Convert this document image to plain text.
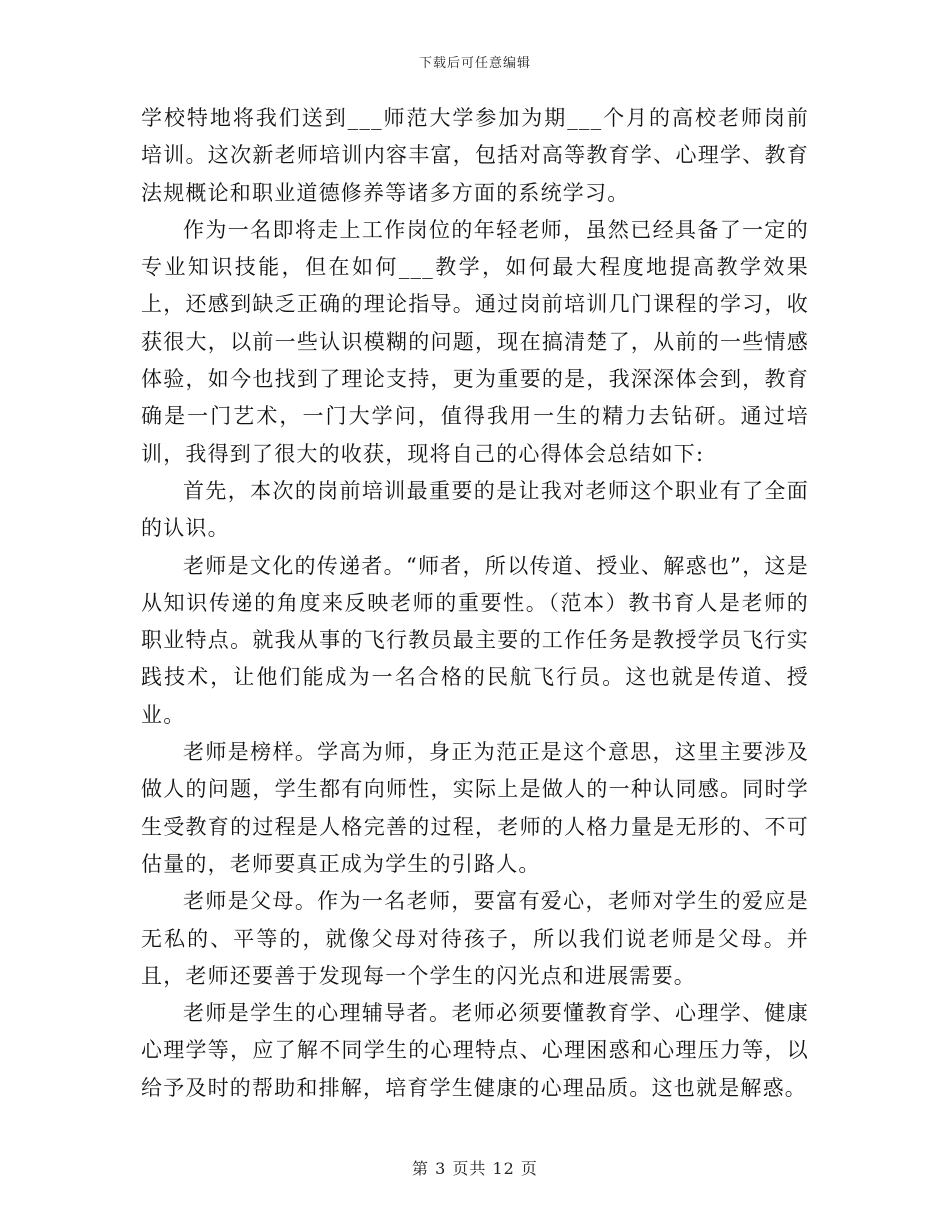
下载后可任意编辑

学校特地将我们送到___师范大学参加为期___个月的高校老师岗前培训。这次新老师培训内容丰富，包括对高等教育学、心理学、教育法规概论和职业道德修养等诸多方面的系统学习。

作为一名即将走上工作岗位的年轻老师，虽然已经具备了一定的专业知识技能，但在如何___教学，如何最大程度地提高教学效果上，还感到缺乏正确的理论指导。通过岗前培训几门课程的学习，收获很大，以前一些认识模糊的问题，现在搞清楚了，从前的一些情感体验，如今也找到了理论支持，更为重要的是，我深深体会到，教育确是一门艺术，一门大学问，值得我用一生的精力去钻研。通过培训，我得到了很大的收获，现将自己的心得体会总结如下:

首先，本次的岗前培训最重要的是让我对老师这个职业有了全面的认识。

老师是文化的传递者。“师者，所以传道、授业、解惑也”，这是从知识传递的角度来反映老师的重要性。（范本）教书育人是老师的职业特点。就我从事的飞行教员最主要的工作任务是教授学员飞行实践技术，让他们能成为一名合格的民航飞行员。这也就是传道、授业。

老师是榜样。学高为师，身正为范正是这个意思，这里主要涉及做人的问题，学生都有向师性，实际上是做人的一种认同感。同时学生受教育的过程是人格完善的过程，老师的人格力量是无形的、不可估量的，老师要真正成为学生的引路人。

老师是父母。作为一名老师，要富有爱心，老师对学生的爱应是无私的、平等的，就像父母对待孩子，所以我们说老师是父母。并且，老师还要善于发现每一个学生的闪光点和进展需要。

老师是学生的心理辅导者。老师必须要懂教育学、心理学、健康心理学等，应了解不同学生的心理特点、心理困惑和心理压力等，以给予及时的帮助和排解，培育学生健康的心理品质。这也就是解惑。

第 3 页共 12 页
